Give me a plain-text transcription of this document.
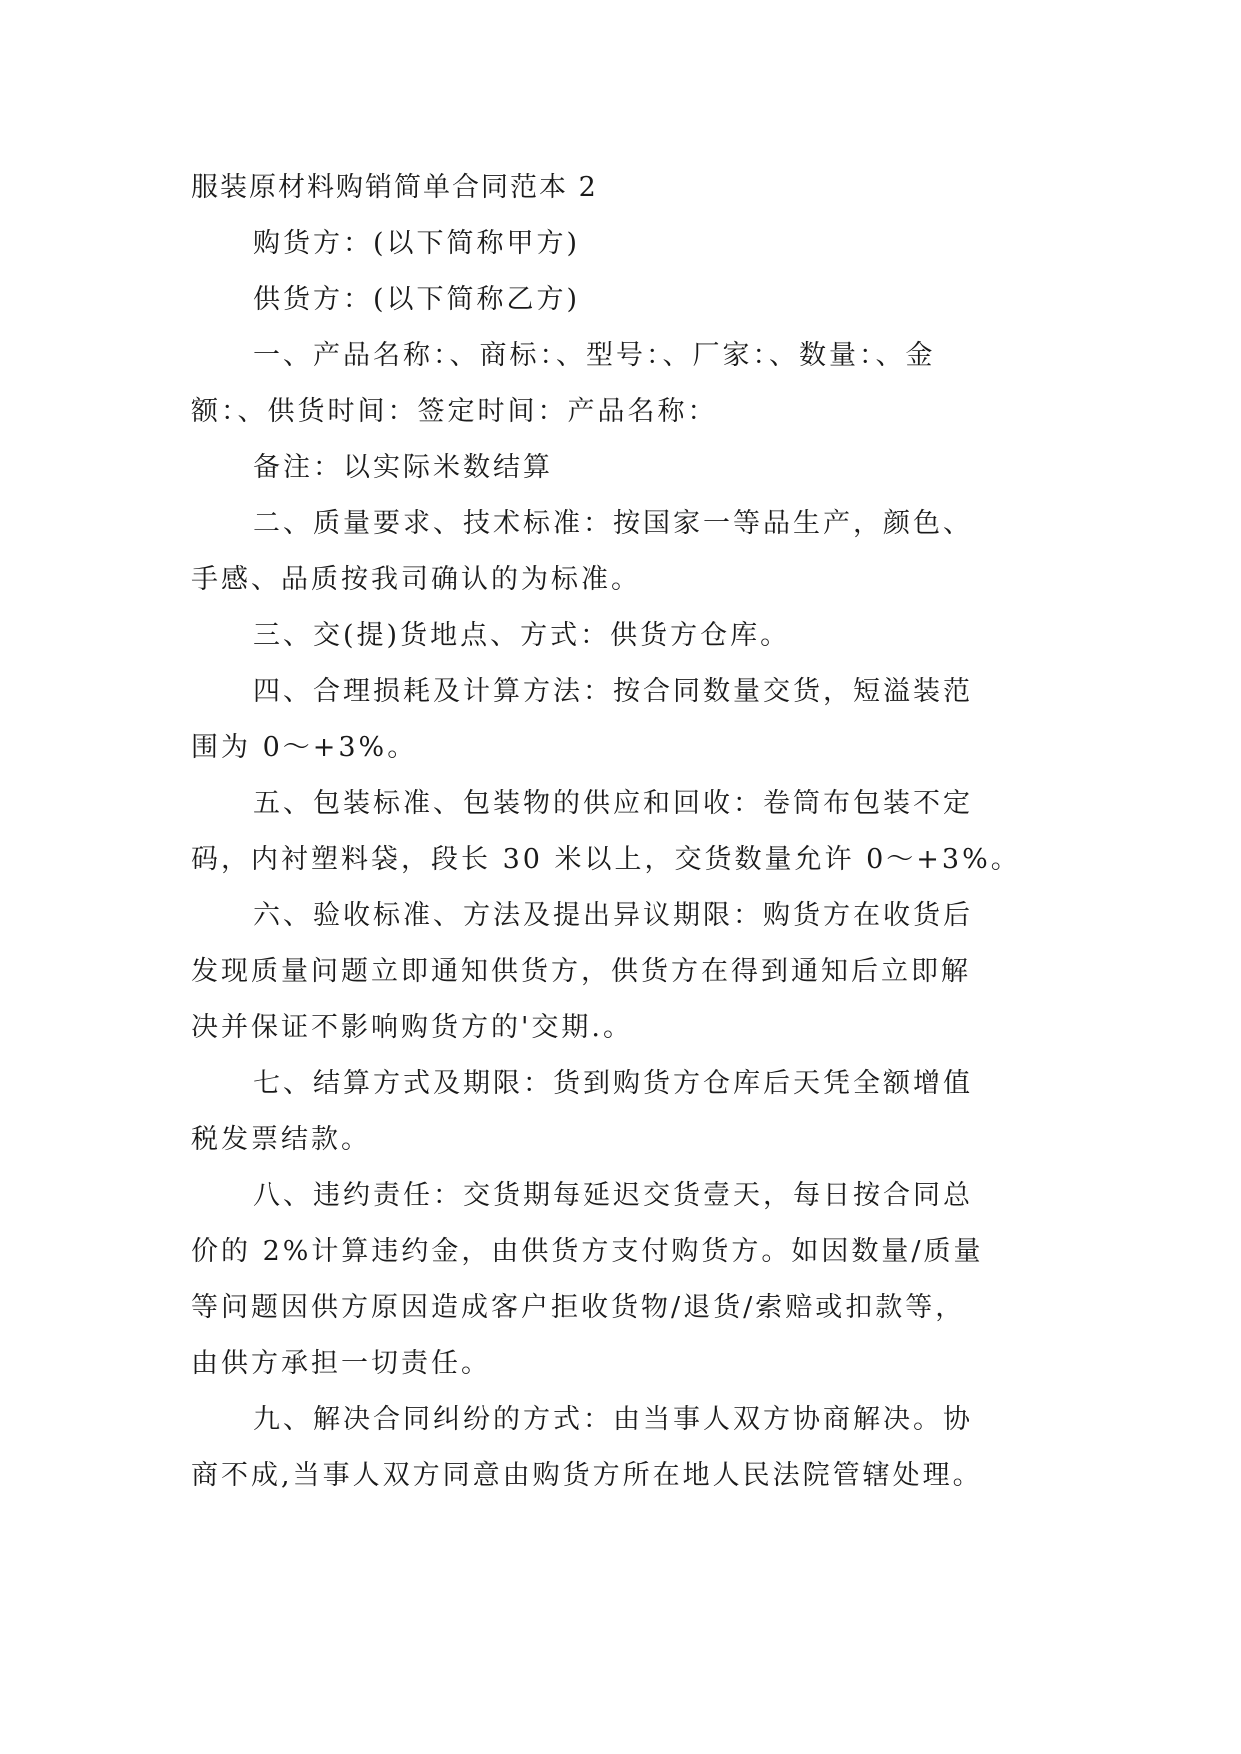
服装原材料购销简单合同范本 2

购货方：(以下简称甲方)

供货方：(以下简称乙方)

一、产品名称：、商标：、型号：、厂家：、数量：、金
额：、供货时间：签定时间：产品名称：

备注：以实际米数结算

二、质量要求、技术标准：按国家一等品生产，颜色、
手感、品质按我司确认的为标准。

三、交(提)货地点、方式：供货方仓库。

四、合理损耗及计算方法：按合同数量交货，短溢装范
围为 0～+3%。

五、包装标准、包装物的供应和回收：卷筒布包装不定
码，内衬塑料袋，段长 30 米以上，交货数量允许 0～+3%。

六、验收标准、方法及提出异议期限：购货方在收货后
发现质量问题立即通知供货方，供货方在得到通知后立即解
决并保证不影响购货方的'交期.。

七、结算方式及期限：货到购货方仓库后天凭全额增值
税发票结款。

八、违约责任：交货期每延迟交货壹天，每日按合同总
价的 2%计算违约金，由供货方支付购货方。如因数量/质量
等问题因供方原因造成客户拒收货物/退货/索赔或扣款等，
由供方承担一切责任。

九、解决合同纠纷的方式：由当事人双方协商解决。协
商不成,当事人双方同意由购货方所在地人民法院管辖处理。
